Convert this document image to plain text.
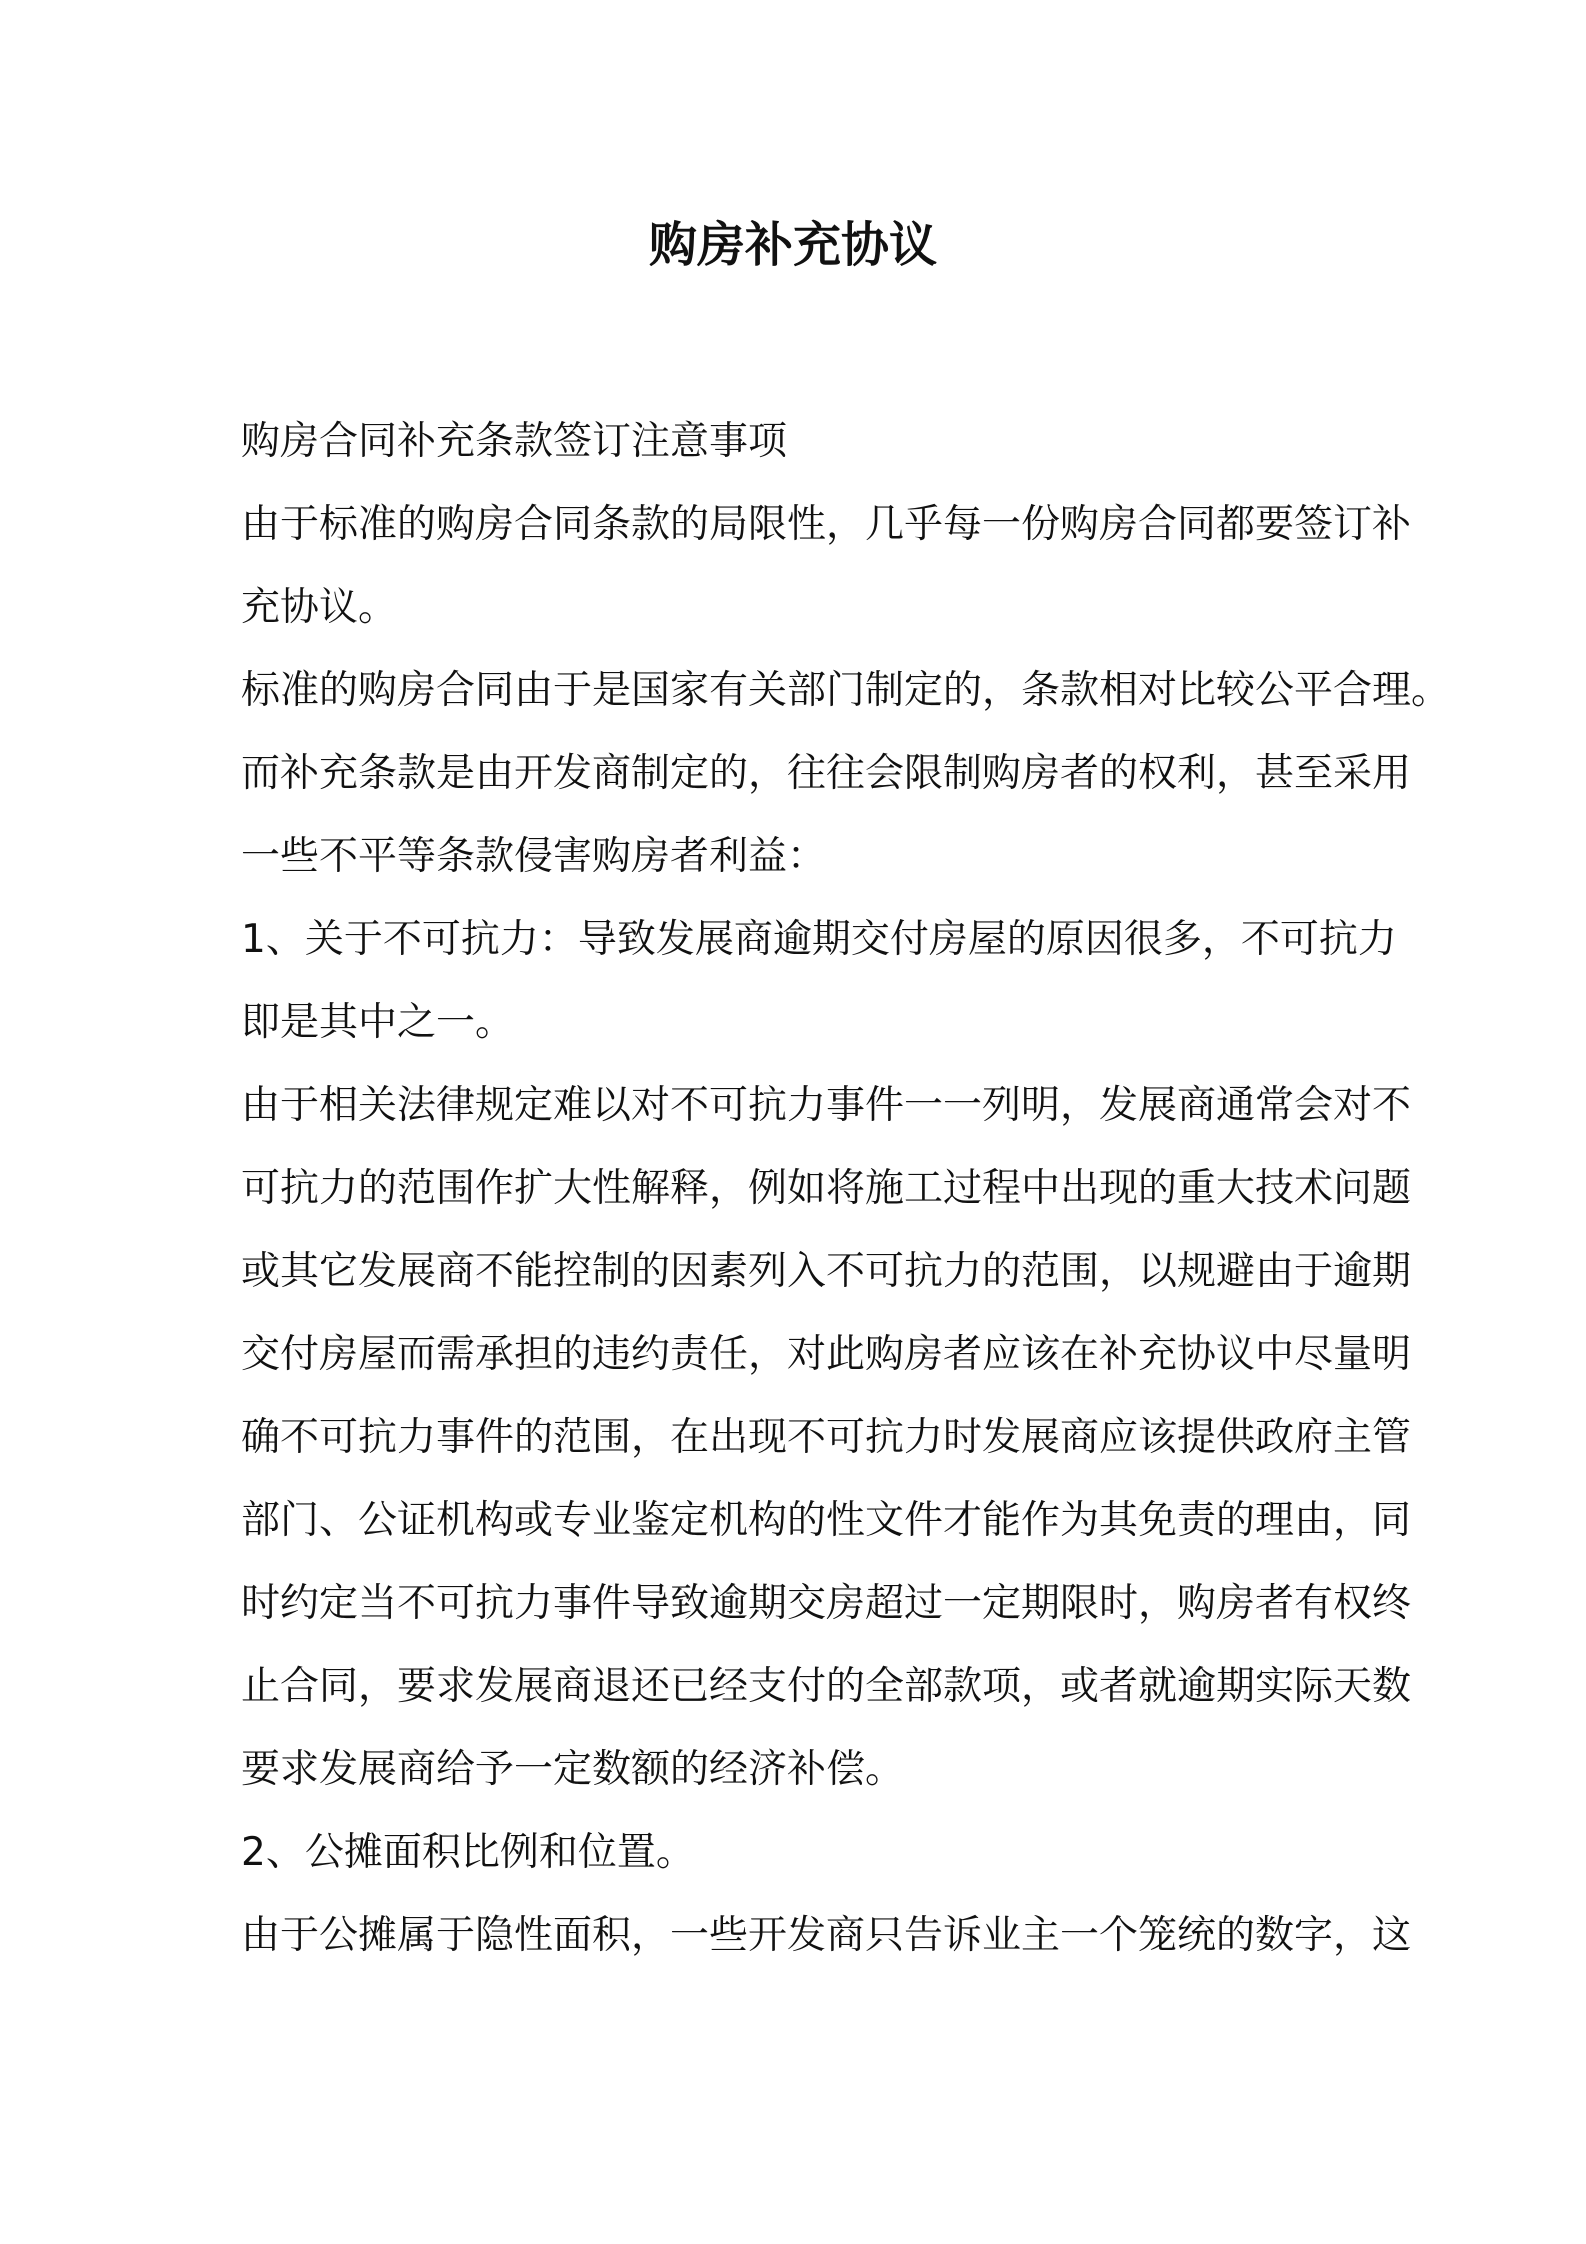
购房补充协议

购房合同补充条款签订注意事项

由于标准的购房合同条款的局限性，几乎每一份购房合同都要签订补

充协议。

标准的购房合同由于是国家有关部门制定的，条款相对比较公平合理。

而补充条款是由开发商制定的，往往会限制购房者的权利，甚至采用

一些不平等条款侵害购房者利益：

1、关于不可抗力：导致发展商逾期交付房屋的原因很多，不可抗力

即是其中之一。

由于相关法律规定难以对不可抗力事件一一列明，发展商通常会对不

可抗力的范围作扩大性解释，例如将施工过程中出现的重大技术问题

或其它发展商不能控制的因素列入不可抗力的范围，以规避由于逾期

交付房屋而需承担的违约责任，对此购房者应该在补充协议中尽量明

确不可抗力事件的范围，在出现不可抗力时发展商应该提供政府主管

部门、公证机构或专业鉴定机构的性文件才能作为其免责的理由，同

时约定当不可抗力事件导致逾期交房超过一定期限时，购房者有权终

止合同，要求发展商退还已经支付的全部款项，或者就逾期实际天数

要求发展商给予一定数额的经济补偿。

2、公摊面积比例和位置。

由于公摊属于隐性面积，一些开发商只告诉业主一个笼统的数字，这
